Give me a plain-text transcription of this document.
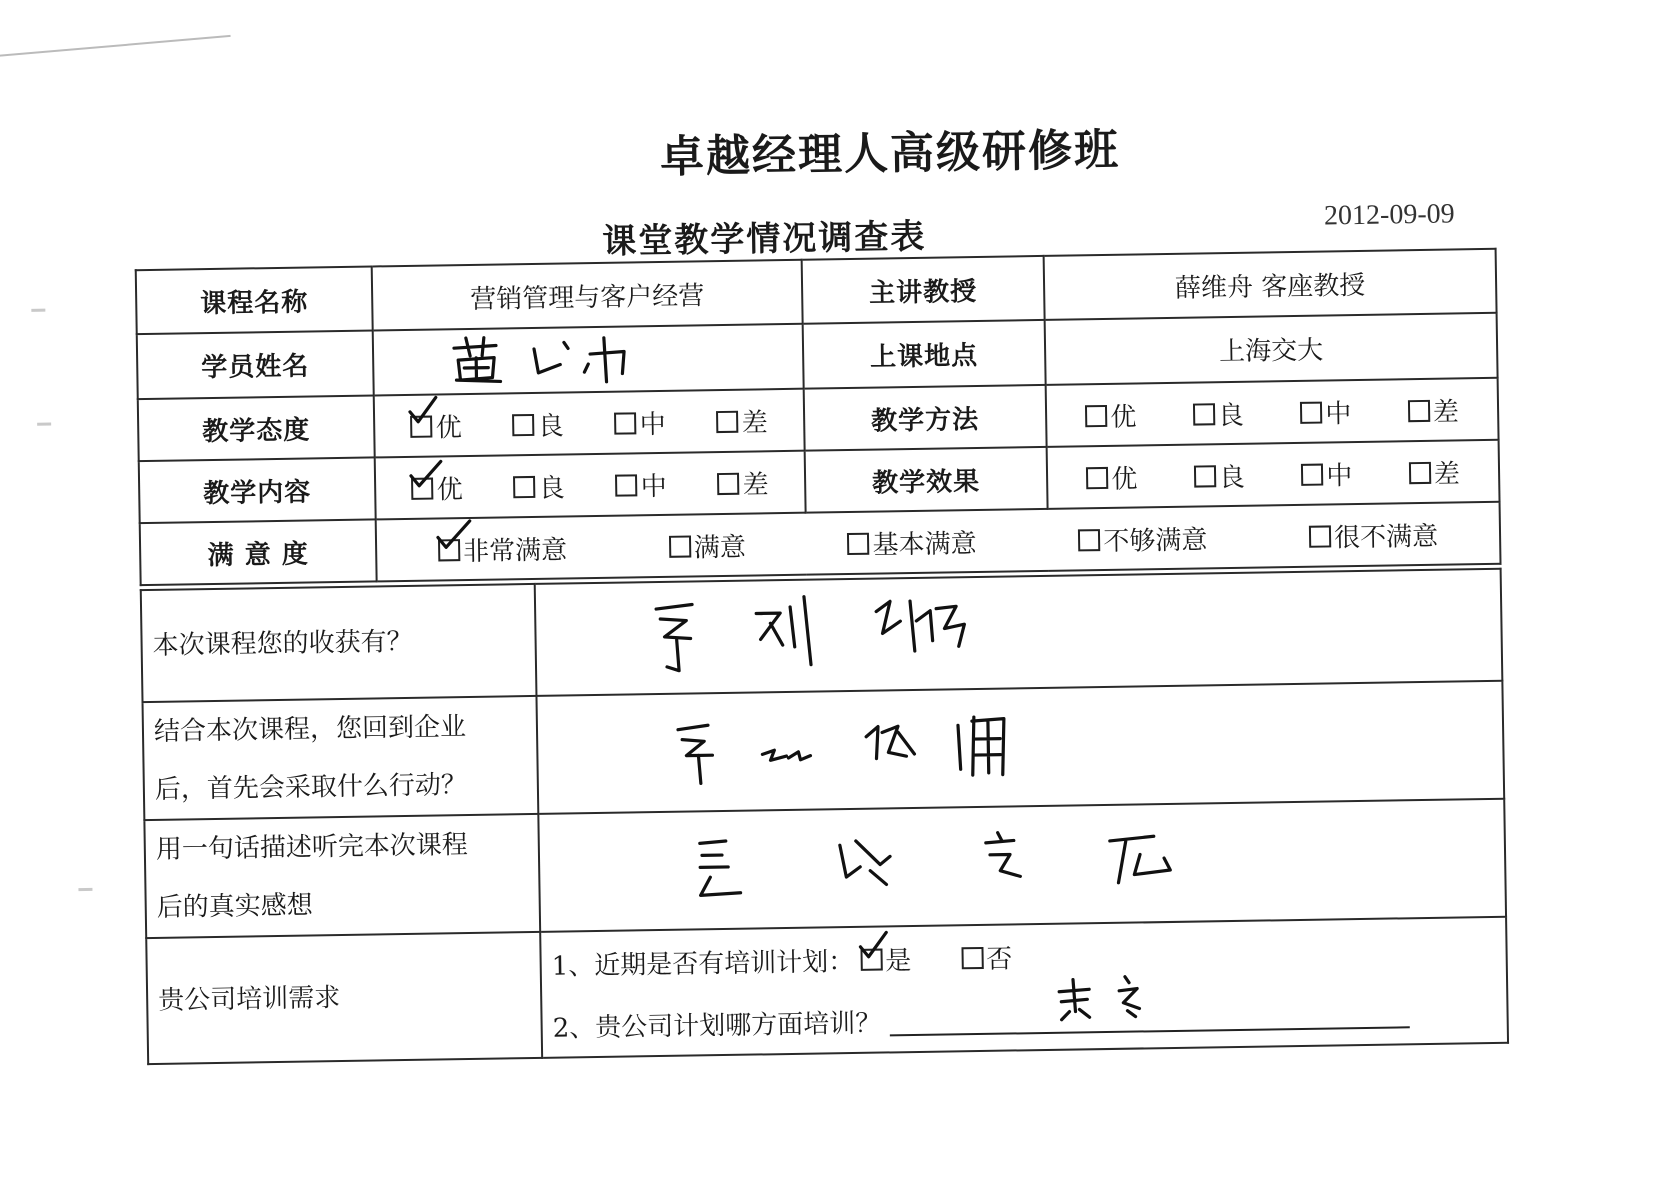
卓越经理人高级研修班
课堂教学情况调查表
2012-09-09
课程名称	营销管理与客户经营	主讲教授	薛维舟 客座教授
学员姓名		上课地点	上海交大
教学态度	优 良 中 差	教学方法	优 良 中 差

教学内容	优 良 中 差	教学效果	优 良 中 差

满 意 度	非常满意 满意 基本满意 不够满意 很不满意		
本次课程您的收获有？	

结合本次课程，您回到企业
后，首先会采取什么行动？

用一句话描述听完本次课程
后的真实感想

贵公司培训需求	1、近期是否有培训计划： 是 否
2、贵公司计划哪方面培训？
